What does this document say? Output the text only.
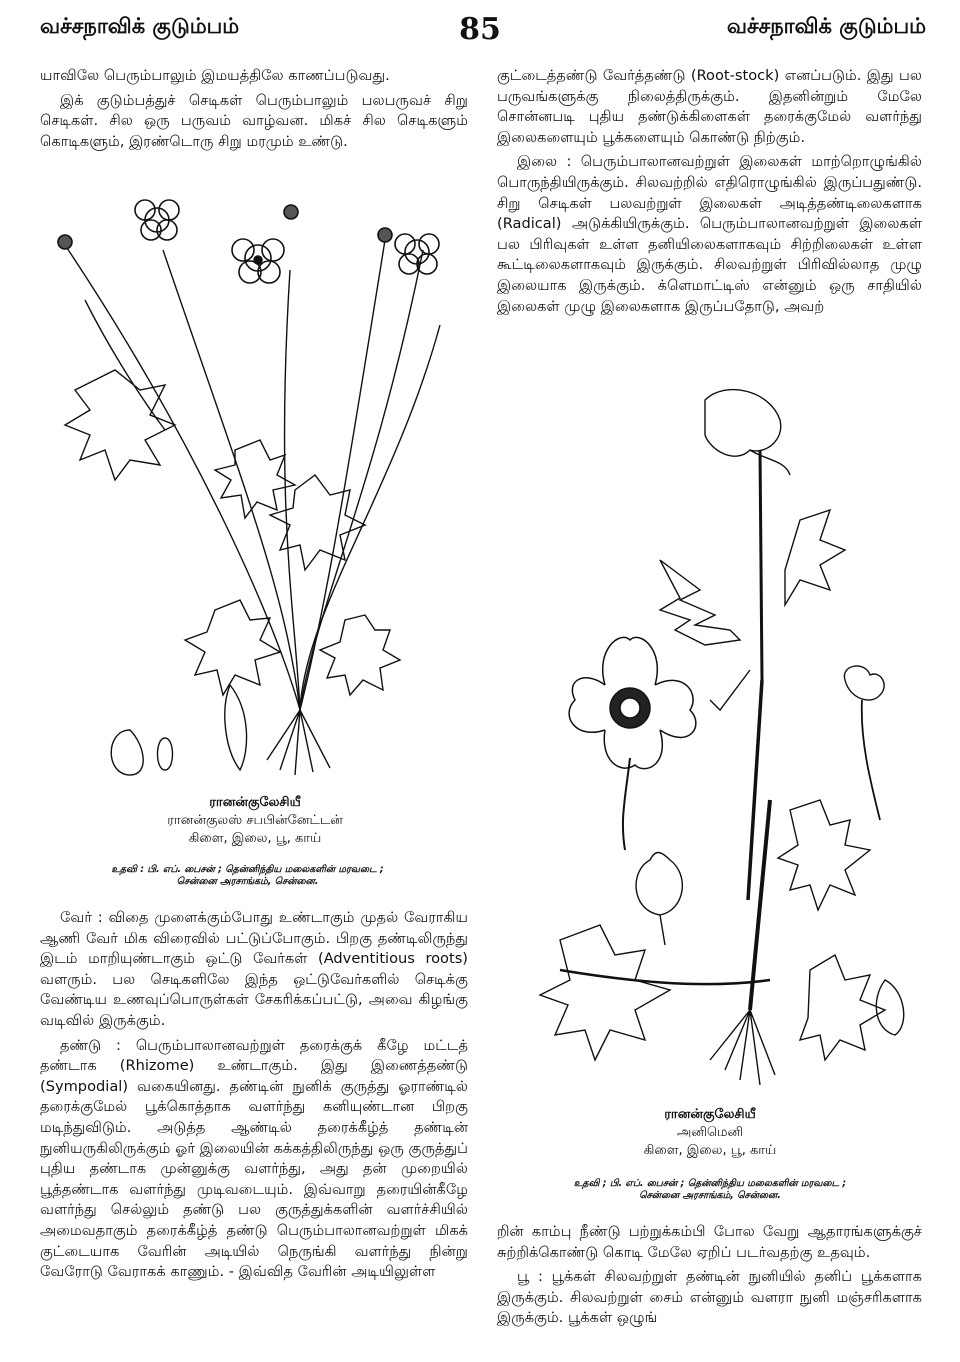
வச்சநாவிக் குடும்பம்	85	வச்சநாவிக் குடும்பம்

யாவிலே பெரும்பாலும் இமயத்திலே காணப்படுவது.

இக் குடும்பத்துச் செடிகள் பெரும்பாலும் பலபருவச் சிறு செடிகள். சில ஒரு பருவம் வாழ்வன. மிகச் சில செடிகளும் கொடிகளும், இரண்டொரு சிறு மரமும் உண்டு.

ரானன்குலேசியீ
ரானன்குலஸ் சபபின்னேட்டன்
கிளை, இலை, பூ, காய்
உதவி : பி. எப். பைசன் ; தென்னிந்திய மலைகளின் மரவடை ;
சென்னை அரசாங்கம், சென்னை.

வேர் : விதை முளைக்கும்போது உண்டாகும் முதல் வேராகிய ஆணி வேர் மிக விரைவில் பட்டுப்போகும். பிறகு தண்டிலிருந்து இடம் மாறியுண்டாகும் ஒட்டு வேர்கள் (Adventitious roots) வளரும். பல செடிகளிலே இந்த ஒட்டுவேர்களில் செடிக்கு வேண்டிய உணவுப்பொருள்கள் சேகரிக்கப்பட்டு, அவை கிழங்கு வடிவில் இருக்கும்.

தண்டு : பெரும்பாலானவற்றுள் தரைக்குக் கீழே மட்டத் தண்டாக (Rhizome) உண்டாகும். இது இணைத்தண்டு (Sympodial) வகையினது. தண்டின் நுனிக் குருத்து ஓராண்டில் தரைக்குமேல் பூக்கொத்தாக வளர்ந்து கனியுண்டான பிறகு மடிந்துவிடும். அடுத்த ஆண்டில் தரைக்கீழ்த் தண்டின் நுனியருகிலிருக்கும் ஓர் இலையின் கக்கத்திலிருந்து ஒரு குருத்துப் புதிய தண்டாக முன்னுக்கு வளர்ந்து, அது தன் முறையில் பூத்தண்டாக வளர்ந்து முடிவடையும். இவ்வாறு தரையின்கீழே வளர்ந்து செல்லும் தண்டு பல குருத்துக்களின் வளர்ச்சியில் அமைவதாகும் தரைக்கீழ்த் தண்டு பெரும்பாலானவற்றுள் மிகக் குட்டையாக வேரின் அடியில் நெருங்கி வளர்ந்து நின்று வேரோடு வேராகக் காணும். - இவ்வித வேரின் அடியிலுள்ள

குட்டைத்தண்டு வேர்த்தண்டு (Root-stock) எனப்படும். இது பல பருவங்களுக்கு நிலைத்திருக்கும். இதனின்றும் மேலே சொன்னபடி புதிய தண்டுக்கிளைகள் தரைக்குமேல் வளர்ந்து இலைகளையும் பூக்களையும் கொண்டு நிற்கும்.

இலை : பெரும்பாலானவற்றுள் இலைகள் மாற்றொழுங்கில் பொருந்தியிருக்கும். சிலவற்றில் எதிரொழுங்கில் இருப்பதுண்டு. சிறு செடிகள் பலவற்றுள் இலைகள் அடித்தண்டிலைகளாக (Radical) அடுக்கியிருக்கும். பெரும்பாலானவற்றுள் இலைகள் பல பிரிவுகள் உள்ள தனியிலைகளாகவும் சிற்றிலைகள் உள்ள கூட்டிலைகளாகவும் இருக்கும். சிலவற்றுள் பிரிவில்லாத முழு இலையாக இருக்கும். க்ளெமாட்டிஸ் என்னும் ஒரு சாதியில் இலைகள் முழு இலைகளாக இருப்பதோடு, அவற்

ரானன்குலேசியீ
அனிமெனி
கிளை, இலை, பூ, காய்
உதவி ; பி. எப். பைசன் ; தென்னிந்திய மலைகளின் மரவடை ;
சென்னை அரசாங்கம், சென்னை.

றின் காம்பு நீண்டு பற்றுக்கம்பி போல வேறு ஆதாரங்களுக்குச் சுற்றிக்கொண்டு கொடி மேலே ஏறிப் படர்வதற்கு உதவும்.

பூ : பூக்கள் சிலவற்றுள் தண்டின் நுனியில் தனிப் பூக்களாக இருக்கும். சிலவற்றுள் சைம் என்னும் வளரா நுனி மஞ்சரிகளாக இருக்கும். பூக்கள் ஒழுங்
